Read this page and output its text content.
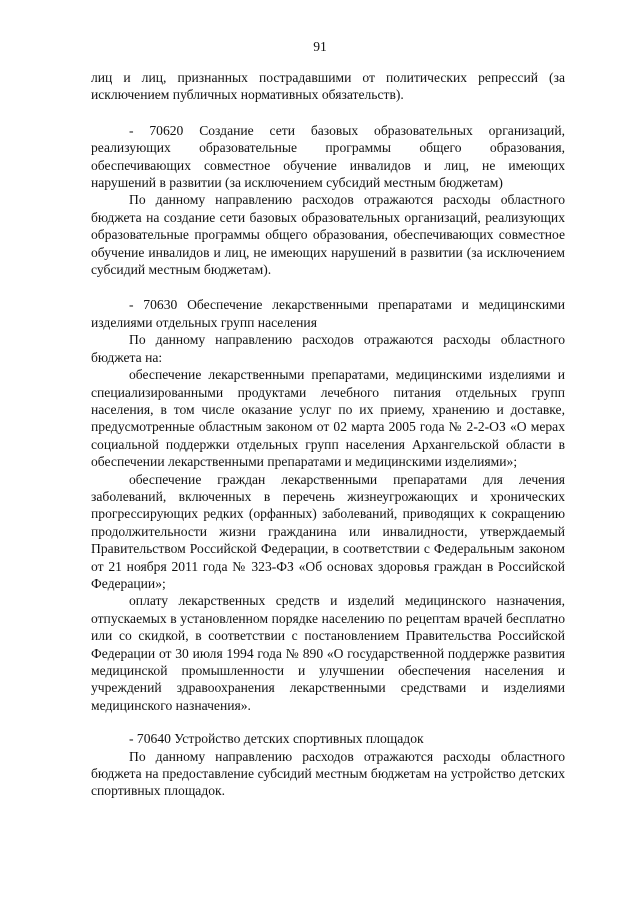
91

лиц и лиц, признанных пострадавшими от политических репрессий (за исключением публичных нормативных обязательств).

- 70620 Создание сети базовых образовательных организаций, реализующих образовательные программы общего образования, обеспечивающих совместное обучение инвалидов и лиц, не имеющих нарушений в развитии (за исключением субсидий местным бюджетам)

По данному направлению расходов отражаются расходы областного бюджета на создание сети базовых образовательных организаций, реализующих образовательные программы общего образования, обеспечивающих совместное обучение инвалидов и лиц, не имеющих нарушений в развитии (за исключением субсидий местным бюджетам).

- 70630 Обеспечение лекарственными препаратами и медицинскими изделиями отдельных групп населения

По данному направлению расходов отражаются расходы областного бюджета на:

обеспечение лекарственными препаратами, медицинскими изделиями и специализированными продуктами лечебного питания отдельных групп населения, в том числе оказание услуг по их приему, хранению и доставке, предусмотренные областным законом от 02 марта 2005 года № 2-2-ОЗ «О мерах социальной поддержки отдельных групп населения Архангельской области в обеспечении лекарственными препаратами и медицинскими изделиями»;

обеспечение граждан лекарственными препаратами для лечения заболеваний, включенных в перечень жизнеугрожающих и хронических прогрессирующих редких (орфанных) заболеваний, приводящих к сокращению продолжительности жизни гражданина или инвалидности, утверждаемый Правительством Российской Федерации, в соответствии с Федеральным законом от 21 ноября 2011 года № 323-ФЗ «Об основах здоровья граждан в Российской Федерации»;

оплату лекарственных средств и изделий медицинского назначения, отпускаемых в установленном порядке населению по рецептам врачей бесплатно или со скидкой, в соответствии с постановлением Правительства Российской Федерации от 30 июля 1994 года № 890 «О государственной поддержке развития медицинской промышленности и улучшении обеспечения населения и учреждений здравоохранения лекарственными средствами и изделиями медицинского назначения».

- 70640 Устройство детских спортивных площадок

По данному направлению расходов отражаются расходы областного бюджета на предоставление субсидий местным бюджетам на устройство детских спортивных площадок.
